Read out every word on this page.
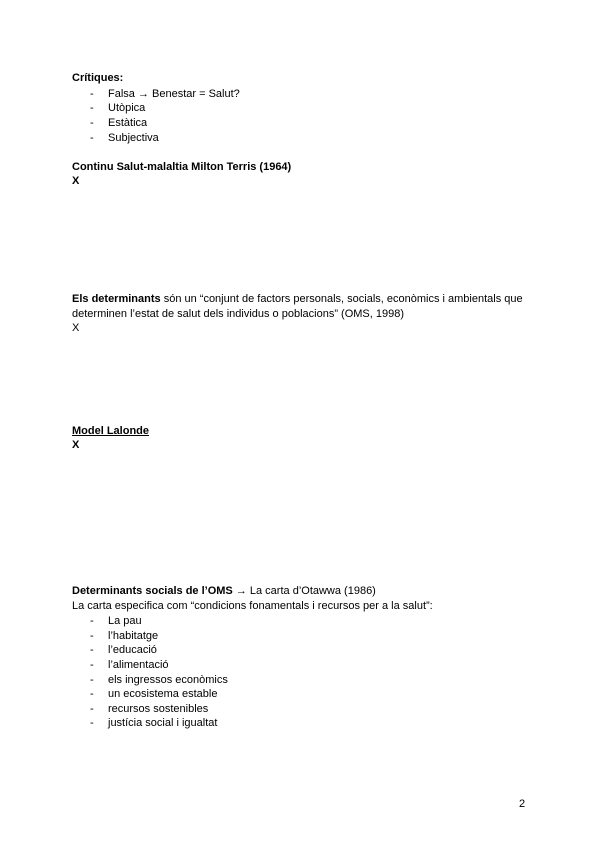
Crítiques:
- Falsa → Benestar = Salut?
- Utòpica
- Estàtica
- Subjectiva
Continu Salut-malaltia Milton Terris (1964)
X
Els determinants són un “conjunt de factors personals, socials, econòmics i ambientals que
determinen l’estat de salut dels individus o poblacions” (OMS, 1998)
X
Model Lalonde
X
Determinants socials de l’OMS → La carta d’Otawwa (1986)
La carta especifica com “condicions fonamentals i recursos per a la salut”:
- La pau
- l’habitatge
- l’educació
- l’alimentació
- els ingressos econòmics
- un ecosistema estable
- recursos sostenibles
- justícia social i igualtat
2
